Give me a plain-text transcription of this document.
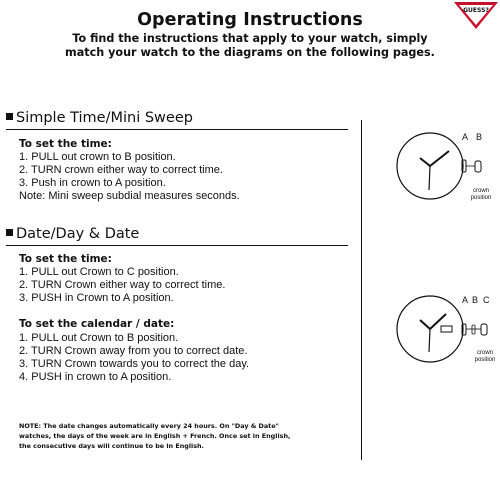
Operating Instructions
To find the instructions that apply to your watch, simply
match your watch to the diagrams on the following pages.
GUESS?
Simple Time/Mini Sweep
To set the time:
1. PULL out crown to B position.
2. TURN crown either way to correct time.
3. Push in crown to A position.
Note: Mini sweep subdial measures seconds.
Date/Day & Date
To set the time:
1. PULL out Crown to C position.
2. TURN Crown either way to correct time.
3. PUSH in Crown to A position.
To set the calendar / date:
1. PULL out Crown to B position.
2. TURN Crown away from you to correct date.
3. TURN Crown towards you to correct the day.
4. PUSH in crown to A position.
NOTE: The date changes automatically every 24 hours. On "Day & Date"
watches, the days of the week are in English + French. Once set in English,
the consecutive days will continue to be in English.
A B
crown
position
A B C
crown
position
